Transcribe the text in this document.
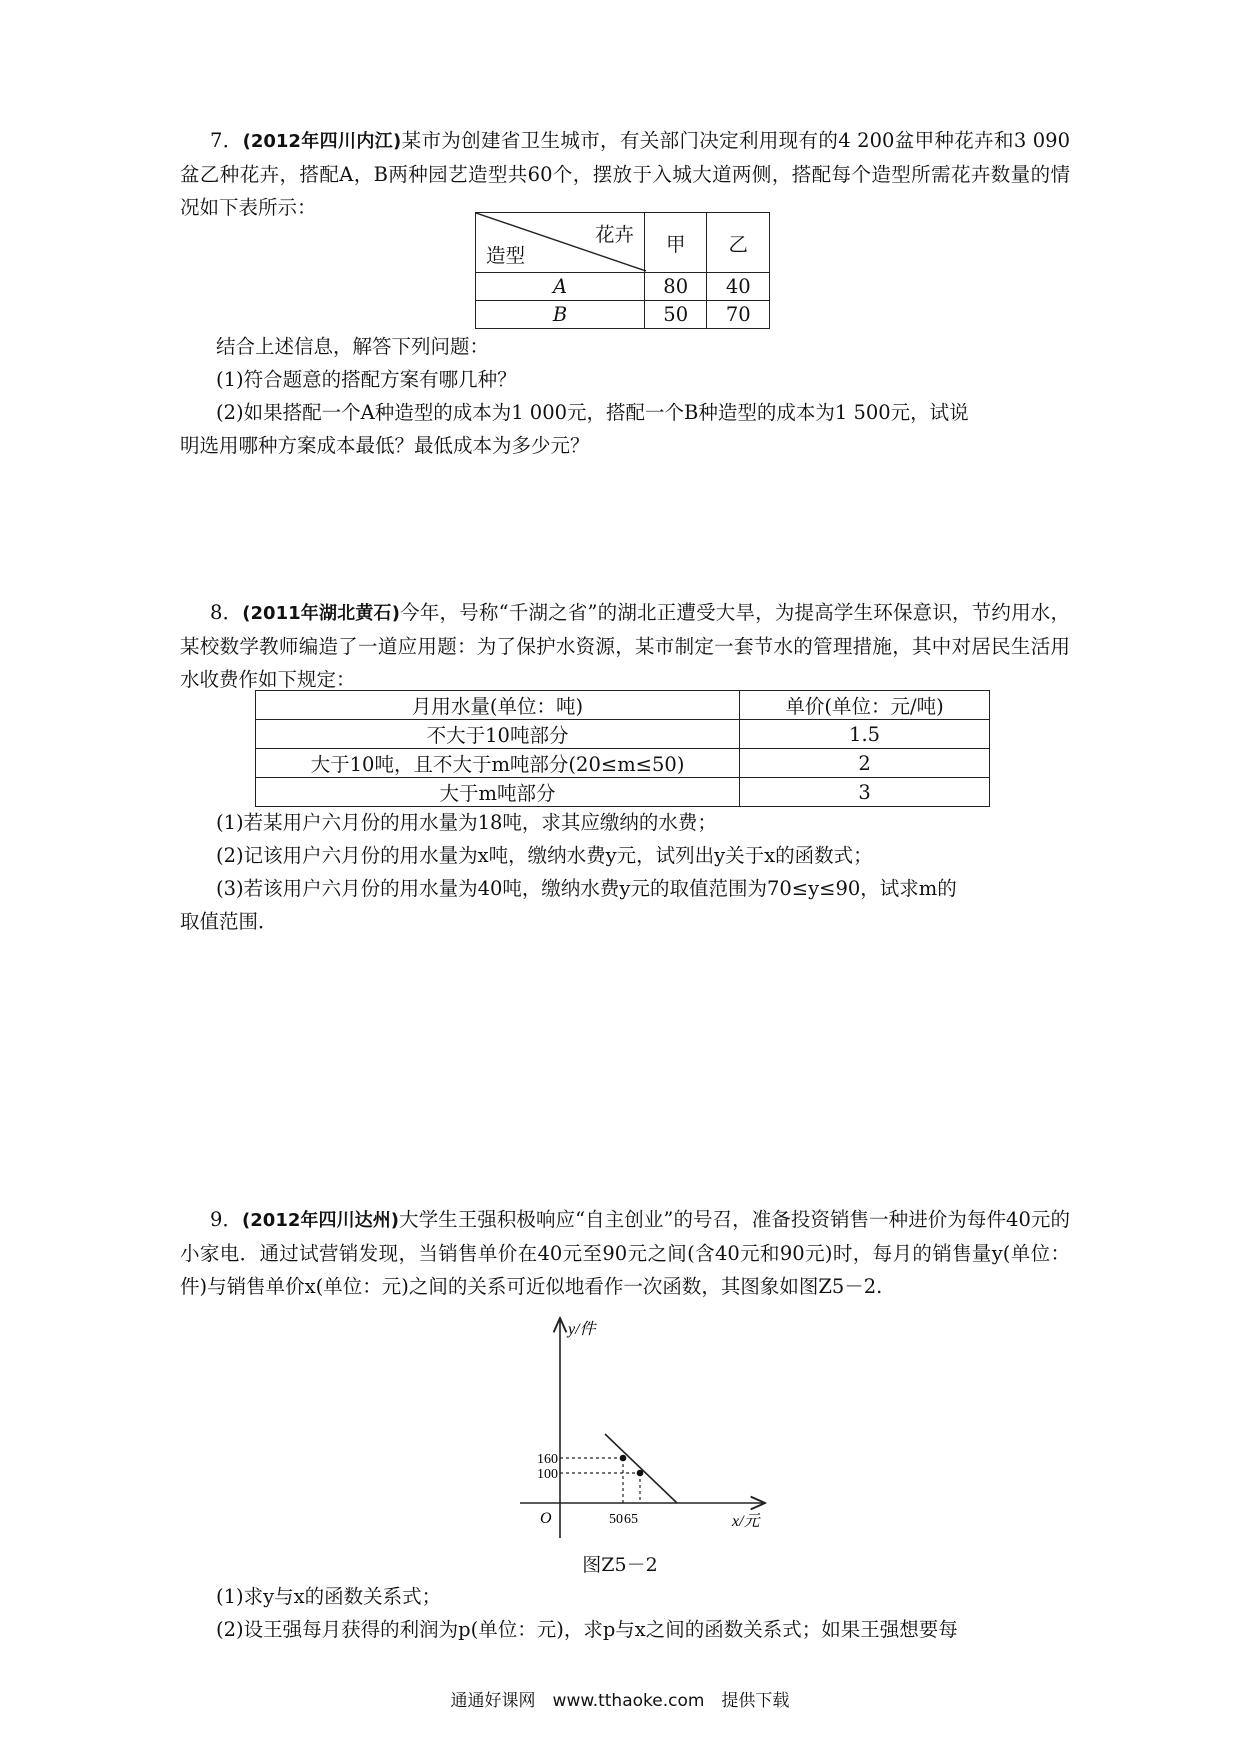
7．(2012年四川内江)某市为创建省卫生城市，有关部门决定利用现有的4 200盆甲种花卉和3 090盆乙种花卉，搭配A，B两种园艺造型共60个，摆放于入城大道两侧，搭配每个造型所需花卉数量的情况如下表所示：

花卉
造型	甲	乙
A	80	40
B	50	70
结合上述信息，解答下列问题：
(1)符合题意的搭配方案有哪几种？
(2)如果搭配一个A种造型的成本为1 000元，搭配一个B种造型的成本为1 500元，试说
明选用哪种方案成本最低？最低成本为多少元？

8．(2011年湖北黄石)今年，号称“千湖之省”的湖北正遭受大旱，为提高学生环保意识，节约用水，某校数学教师编造了一道应用题：为了保护水资源，某市制定一套节水的管理措施，其中对居民生活用水收费作如下规定：

月用水量(单位：吨)	单价(单位：元/吨)
不大于10吨部分	1.5
大于10吨，且不大于m吨部分(20≤m≤50)	2
大于m吨部分	3
(1)若某用户六月份的用水量为18吨，求其应缴纳的水费；
(2)记该用户六月份的用水量为x吨，缴纳水费y元，试列出y关于x的函数式；
(3)若该用户六月份的用水量为40吨，缴纳水费y元的取值范围为70≤y≤90，试求m的
取值范围．

9．(2012年四川达州)大学生王强积极响应“自主创业”的号召，准备投资销售一种进价为每件40元的小家电．通过试营销发现，当销售单价在40元至90元之间(含40元和90元)时，每月的销售量y(单位：件)与销售单价x(单位：元)之间的关系可近似地看作一次函数，其图象如图Z5－2.

y/件
x/元
O
160
100
50 65
图Z5－2
(1)求y与x的函数关系式；
(2)设王强每月获得的利润为p(单位：元)，求p与x之间的函数关系式；如果王强想要每
通通好课网　www.tthaoke.com　提供下载
